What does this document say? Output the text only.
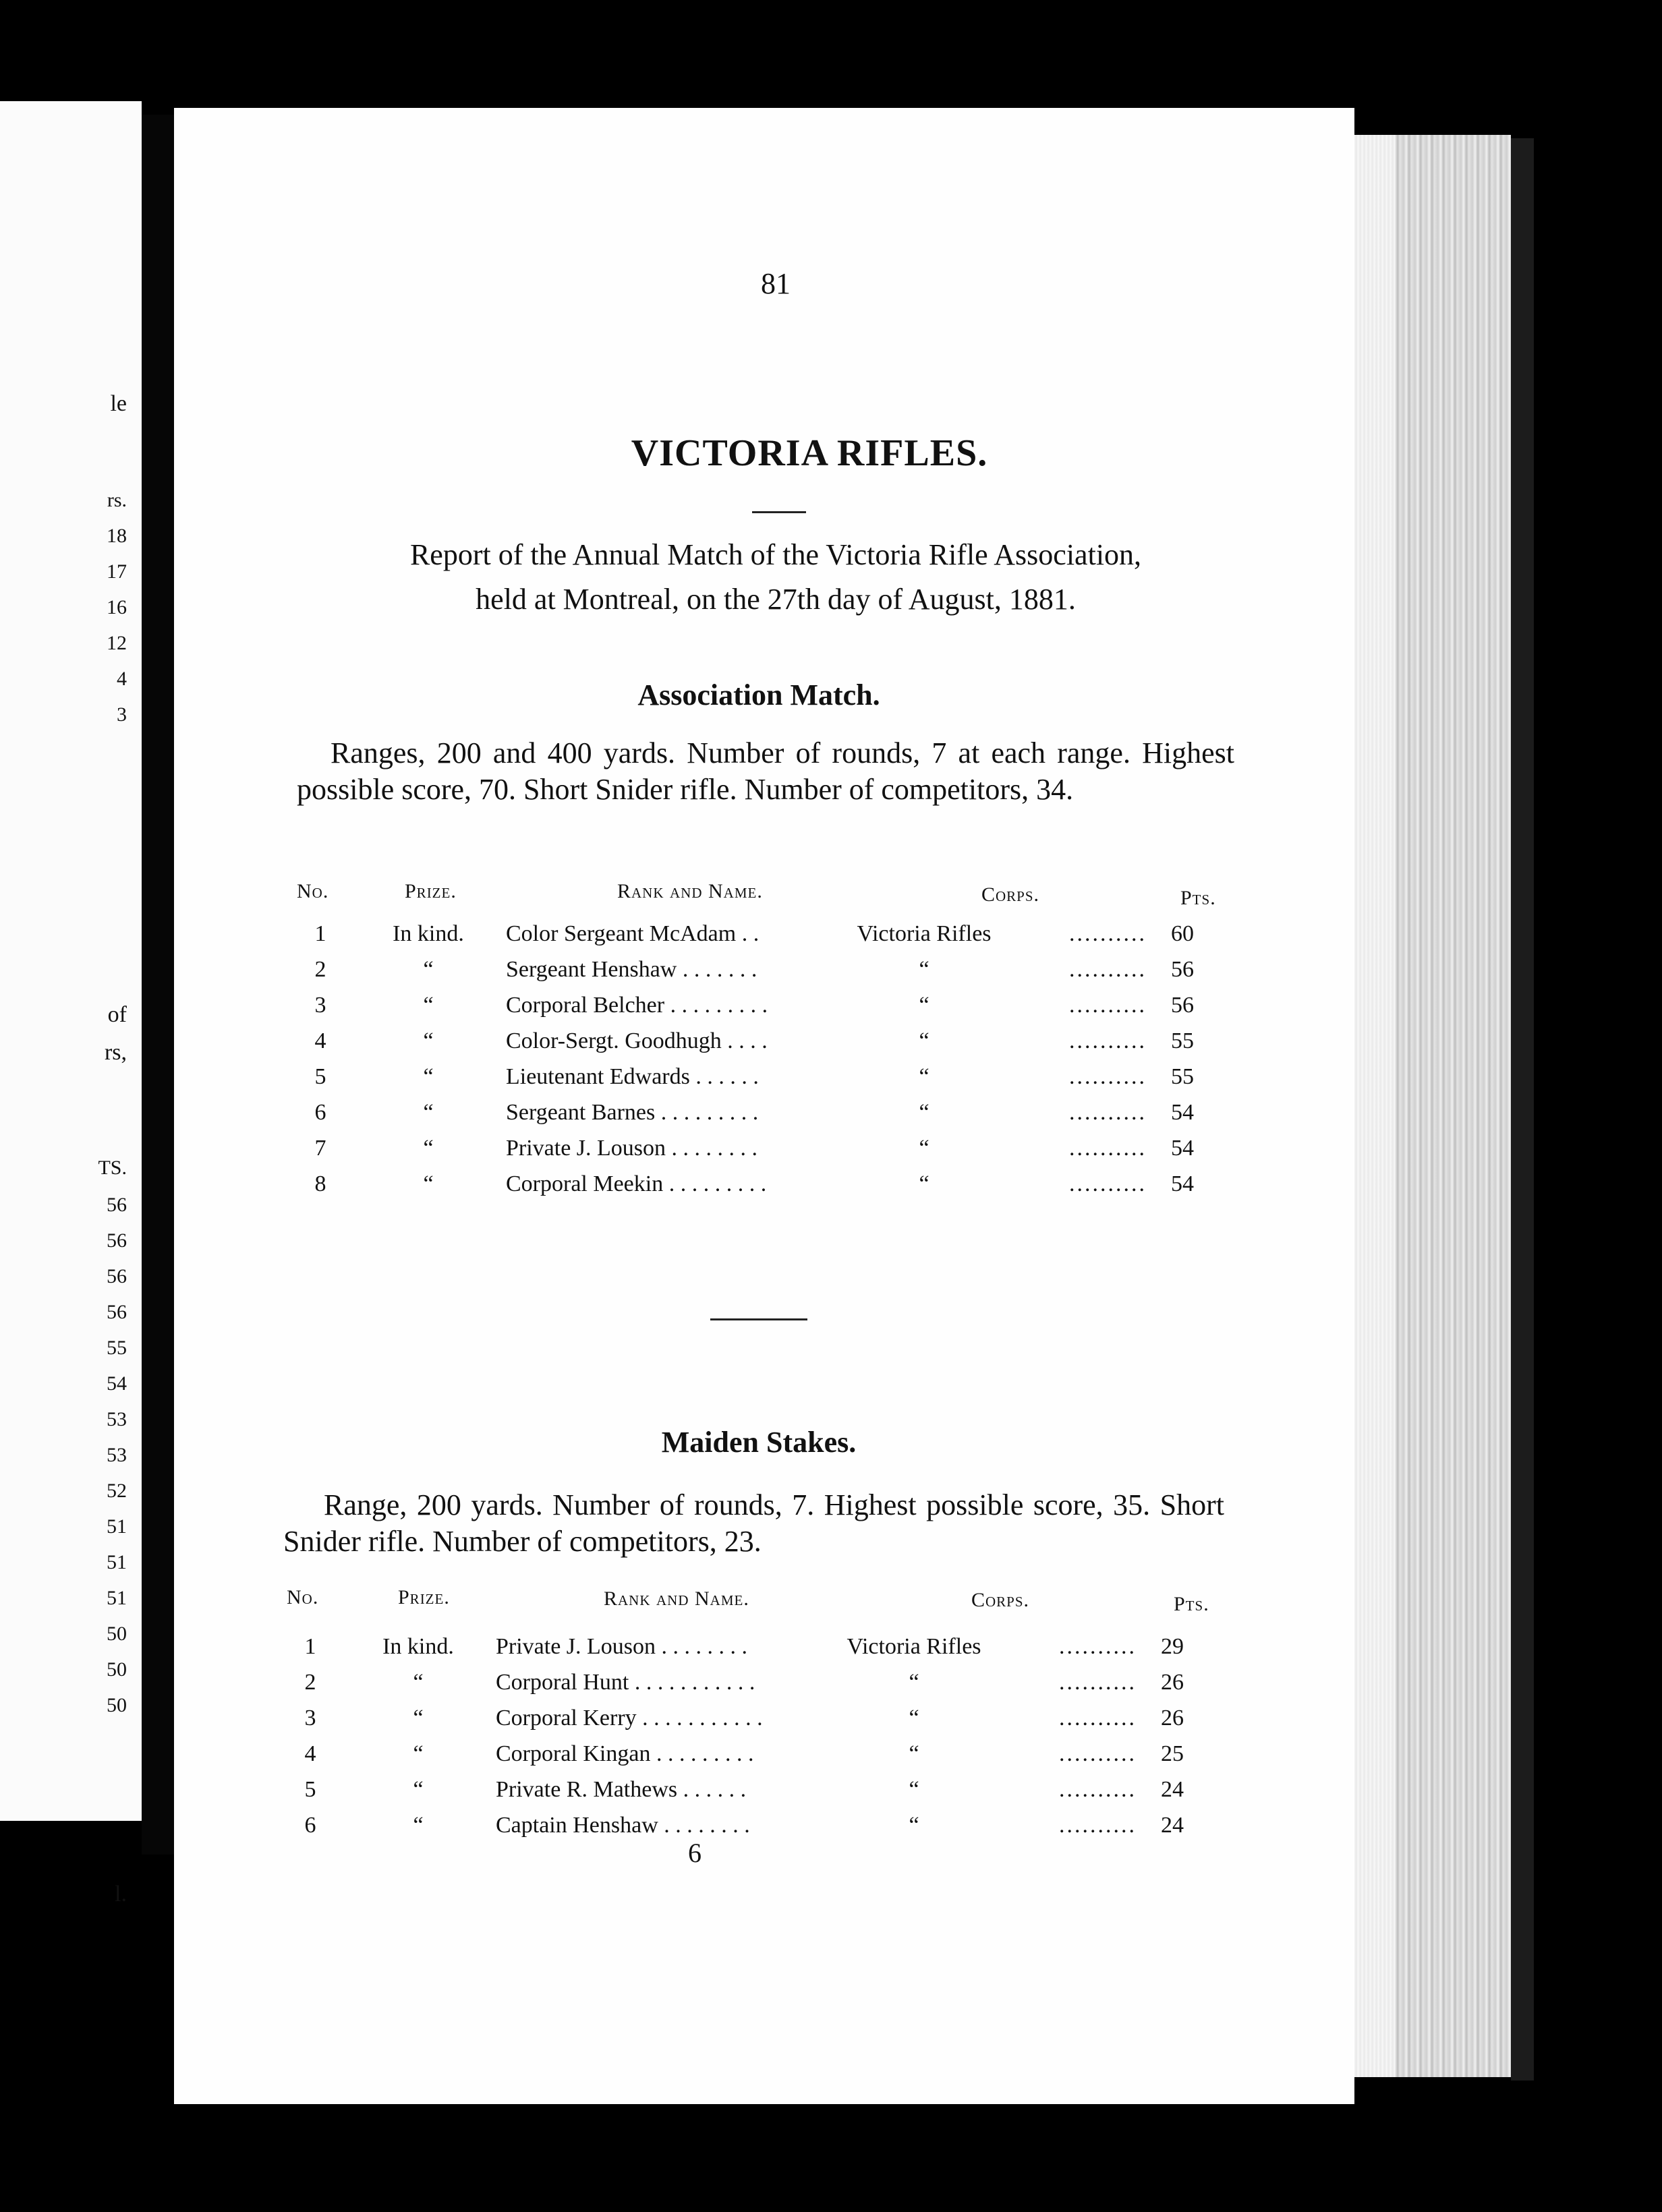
le
rs.
18
17
16
12
4
3
of
rs,
TS.
56
56
56
56
55
54
53
53
52
51
51
51
50
50
50
l.
81
VICTORIA RIFLES.
Report of the Annual Match of the Victoria Rifle Association,
held at Montreal, on the 27th day of August, 1881.
Association Match.
Ranges, 200 and 400 yards. Number of rounds, 7 at each range. Highest possible score, 70. Short Snider rifle. Number of competitors, 34.
No.	Prize.	Rank and Name.	Corps.	Pts.
1	In kind.	Color Sergeant McAdam . .	Victoria Rifles	..........	60
2	“	Sergeant Henshaw . . . . . . .	“	..........	56
3	“	Corporal Belcher . . . . . . . . .	“	..........	56
4	“	Color-Sergt. Goodhugh . . . .	“	..........	55
5	“	Lieutenant Edwards . . . . . .	“	..........	55
6	“	Sergeant Barnes . . . . . . . . .	“	..........	54
7	“	Private J. Louson . . . . . . . .	“	..........	54
8	“	Corporal Meekin . . . . . . . . .	“	..........	54
Maiden Stakes.
Range, 200 yards. Number of rounds, 7. Highest possible score, 35. Short Snider rifle. Number of competitors, 23.
No.	Prize.	Rank and Name.	Corps.	Pts.
1	In kind.	Private J. Louson . . . . . . . .	Victoria Rifles	..........	29
2	“	Corporal Hunt . . . . . . . . . . .	“	..........	26
3	“	Corporal Kerry . . . . . . . . . . .	“	..........	26
4	“	Corporal Kingan . . . . . . . . .	“	..........	25
5	“	Private R. Mathews . . . . . .	“	..........	24
6	“	Captain Henshaw . . . . . . . .	“	..........	24
6
